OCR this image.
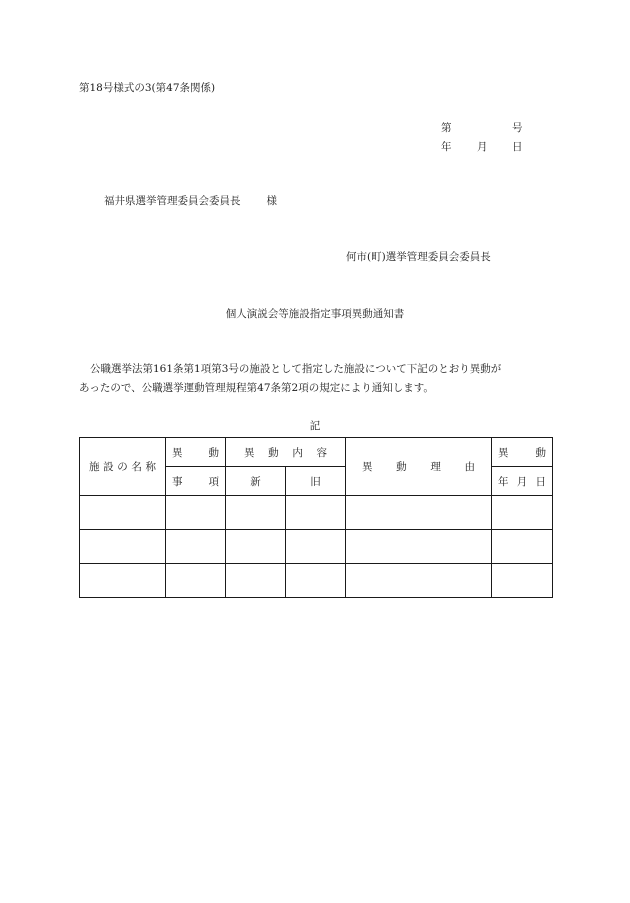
第18号様式の3(第47条関係)
第	号
年 月 日
福井県選挙管理委員会委員長 様
何市(町)選挙管理委員会委員長
個人演説会等施設指定事項異動通知書
公職選挙法第161条第1項第3号の施設として指定した施設について下記のとおり異動が
あったので、公職選挙運動管理規程第47条第2項の規定により通知します。
記
施 設 の 名 称	異 動	異 動 内 容		異 動 理 由	異 動

	事 項	新	旧		年 月 日
